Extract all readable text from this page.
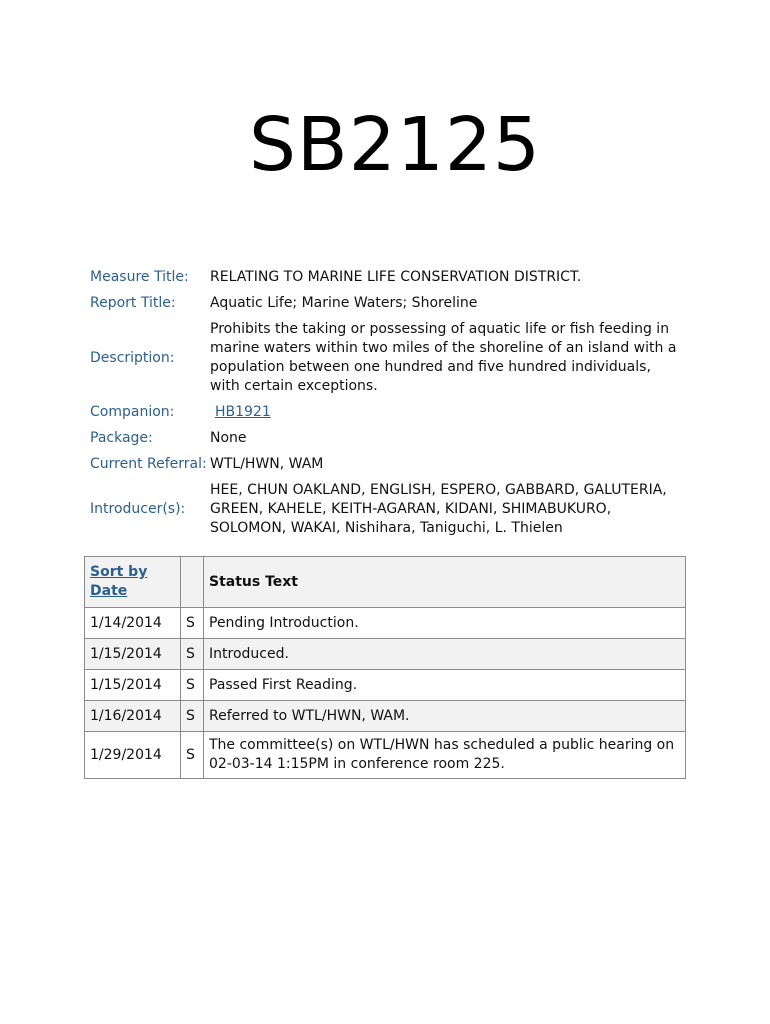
SB2125
Measure Title:	RELATING TO MARINE LIFE CONSERVATION DISTRICT.
Report Title:	Aquatic Life; Marine Waters; Shoreline
Description:
Prohibits the taking or possessing of aquatic life or fish feeding in marine waters within two miles of the shoreline of an island with a population between one hundred and five hundred individuals, with certain exceptions.
Companion:	HB1921
Package:	None
Current Referral: WTL/HWN, WAM
Introducer(s):
HEE, CHUN OAKLAND, ENGLISH, ESPERO, GABBARD, GALUTERIA, GREEN, KAHELE, KEITH-AGARAN, KIDANI, SHIMABUKURO, SOLOMON, WAKAI, Nishihara, Taniguchi, L. Thielen
Sort by Date		Status Text
1/14/2014	S	Pending Introduction.
1/15/2014	S	Introduced.
1/15/2014	S	Passed First Reading.
1/16/2014	S	Referred to WTL/HWN, WAM.
1/29/2014	S	The committee(s) on WTL/HWN has scheduled a public hearing on 02-03-14 1:15PM in conference room 225.
